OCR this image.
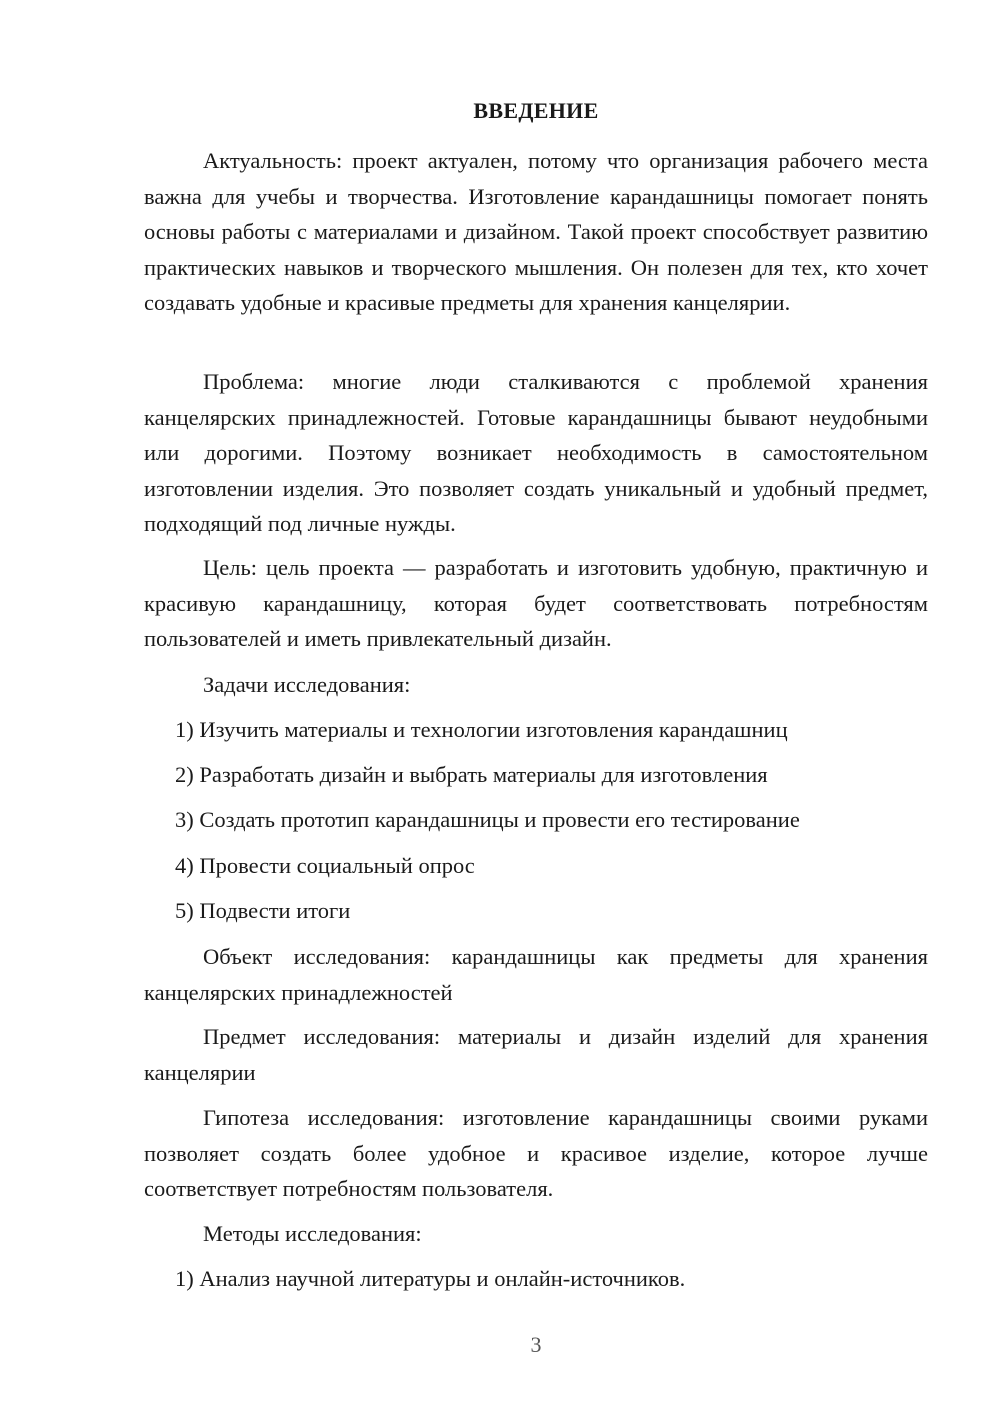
ВВЕДЕНИЕ

Актуальность: проект актуален, потому что организация рабочего места важна для учебы и творчества. Изготовление карандашницы помогает понять основы работы с материалами и дизайном. Такой проект способствует развитию практических навыков и творческого мышления. Он полезен для тех, кто хочет создавать удобные и красивые предметы для хранения канцелярии.

Проблема: многие люди сталкиваются с проблемой хранения канцелярских принадлежностей. Готовые карандашницы бывают неудобными или дорогими. Поэтому возникает необходимость в самостоятельном изготовлении изделия. Это позволяет создать уникальный и удобный предмет, подходящий под личные нужды.

Цель: цель проекта — разработать и изготовить удобную, практичную и красивую карандашницу, которая будет соответствовать потребностям пользователей и иметь привлекательный дизайн.

Задачи исследования:

1) Изучить материалы и технологии изготовления карандашниц

2) Разработать дизайн и выбрать материалы для изготовления

3) Создать прототип карандашницы и провести его тестирование

4) Провести социальный опрос

5) Подвести итоги

Объект исследования: карандашницы как предметы для хранения канцелярских принадлежностей

Предмет исследования: материалы и дизайн изделий для хранения канцелярии

Гипотеза исследования: изготовление карандашницы своими руками позволяет создать более удобное и красивое изделие, которое лучше соответствует потребностям пользователя.

Методы исследования:

1) Анализ научной литературы и онлайн-источников.

3
